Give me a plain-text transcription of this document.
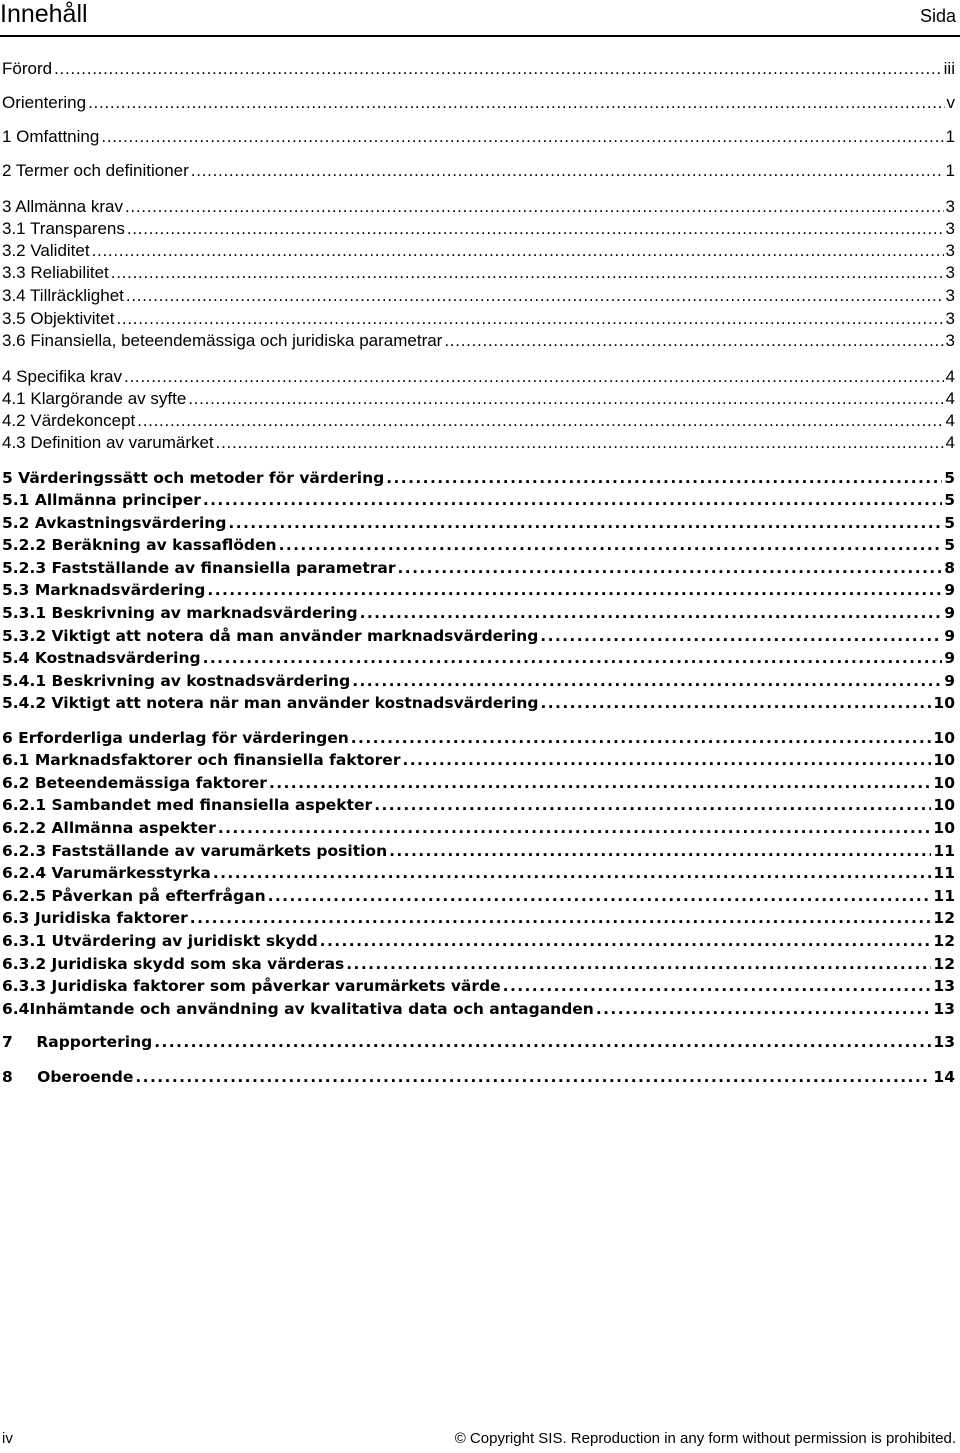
Innehåll	Sida
Förord . . .	iii
Orientering . . .	v
1 Omfattning . . .	1
2 Termer och definitioner . . .	1
3 Allmänna krav . . .	3
3.1 Transparens . . .	3
3.2 Validitet . . .	3
3.3 Reliabilitet . . .	3
3.4 Tillräcklighet . . .	3
3.5 Objektivitet . . .	3
3.6 Finansiella, beteendemässiga och juridiska parametrar . . .	3
4 Specifika krav . . .	4
4.1 Klargörande av syfte . . .	4
4.2 Värdekoncept . . .	4
4.3 Definition av varumärket . . .	4
5 Värderingssätt och metoder för värdering . . .	5
5.1 Allmänna principer . . .	5
5.2 Avkastningsvärdering . . .	5
5.2.2 Beräkning av kassaflöden . . .	5
5.2.3 Fastställande av finansiella parametrar . . .	8
5.3 Marknadsvärdering . . .	9
5.3.1 Beskrivning av marknadsvärdering . . .	9
5.3.2 Viktigt att notera då man använder marknadsvärdering . . .	9
5.4 Kostnadsvärdering . . .	9
5.4.1 Beskrivning av kostnadsvärdering . . .	9
5.4.2 Viktigt att notera när man använder kostnadsvärdering . . .	10
6 Erforderliga underlag för värderingen . . .	10
6.1 Marknadsfaktorer och finansiella faktorer . . .	10
6.2 Beteendemässiga faktorer . . .	10
6.2.1 Sambandet med finansiella aspekter . . .	10
6.2.2 Allmänna aspekter . . .	10
6.2.3 Fastställande av varumärkets position . . .	11
6.2.4 Varumärkesstyrka . . .	11
6.2.5 Påverkan på efterfrågan . . .	11
6.3 Juridiska faktorer . . .	12
6.3.1 Utvärdering av juridiskt skydd . . .	12
6.3.2 Juridiska skydd som ska värderas . . .	12
6.3.3 Juridiska faktorer som påverkar varumärkets värde . . .	13
6.4 Inhämtande och användning av kvalitativa data och antaganden . . .	13
7	Rapportering . . .	13
8	Oberoende . . .	14
iv	© Copyright SIS. Reproduction in any form without permission is prohibited.
